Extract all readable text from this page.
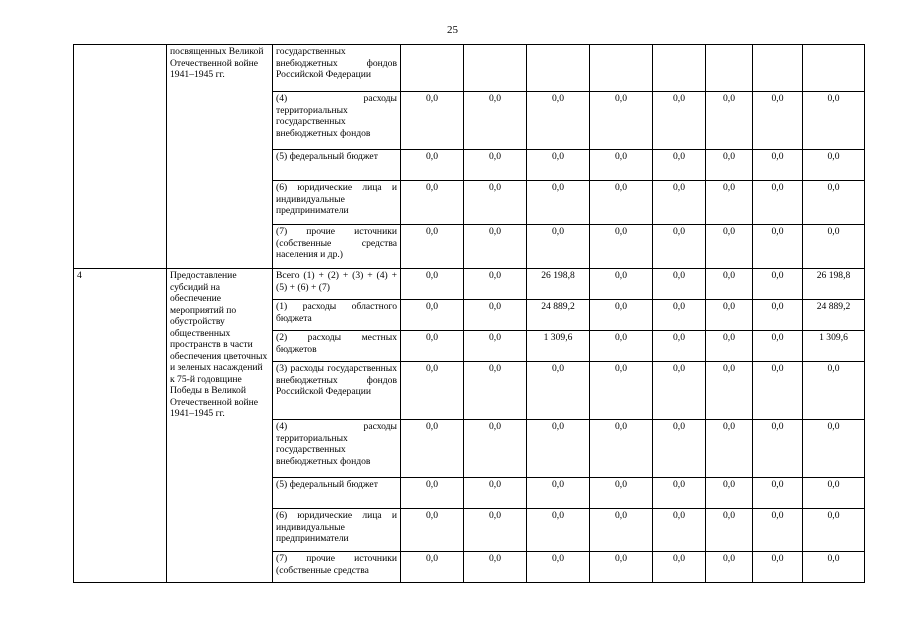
25
	посвященных Великой Отечественной войне 1941–1945 гг.	государственных внебюджетных фондов Российской Федерации								
		(4) расходы территориальных государственных внебюджетных фондов	0,0	0,0	0,0	0,0	0,0	0,0	0,0	0,0
		(5) федеральный бюджет	0,0	0,0	0,0	0,0	0,0	0,0	0,0	0,0
		(6) юридические лица и индивидуальные предприниматели	0,0	0,0	0,0	0,0	0,0	0,0	0,0	0,0
		(7) прочие источники (собственные средства населения и др.)	0,0	0,0	0,0	0,0	0,0	0,0	0,0	0,0
4	Предоставление субсидий на обеспечение мероприятий по обустройству общественных пространств в части обеспечения цветочных и зеленых насаждений к 75-й годовщине Победы в Великой Отечественной войне 1941–1945 гг.	Всего (1) + (2) + (3) + (4) + (5) + (6) + (7)	0,0	0,0	26 198,8	0,0	0,0	0,0	0,0	26 198,8
		(1) расходы областного бюджета	0,0	0,0	24 889,2	0,0	0,0	0,0	0,0	24 889,2
		(2) расходы местных бюджетов	0,0	0,0	1 309,6	0,0	0,0	0,0	0,0	1 309,6
		(3) расходы государственных внебюджетных фондов Российской Федерации	0,0	0,0	0,0	0,0	0,0	0,0	0,0	0,0
		(4) расходы территориальных государственных внебюджетных фондов	0,0	0,0	0,0	0,0	0,0	0,0	0,0	0,0
		(5) федеральный бюджет	0,0	0,0	0,0	0,0	0,0	0,0	0,0	0,0
		(6) юридические лица и индивидуальные предприниматели	0,0	0,0	0,0	0,0	0,0	0,0	0,0	0,0
		(7) прочие источники (собственные средства	0,0	0,0	0,0	0,0	0,0	0,0	0,0	0,0
